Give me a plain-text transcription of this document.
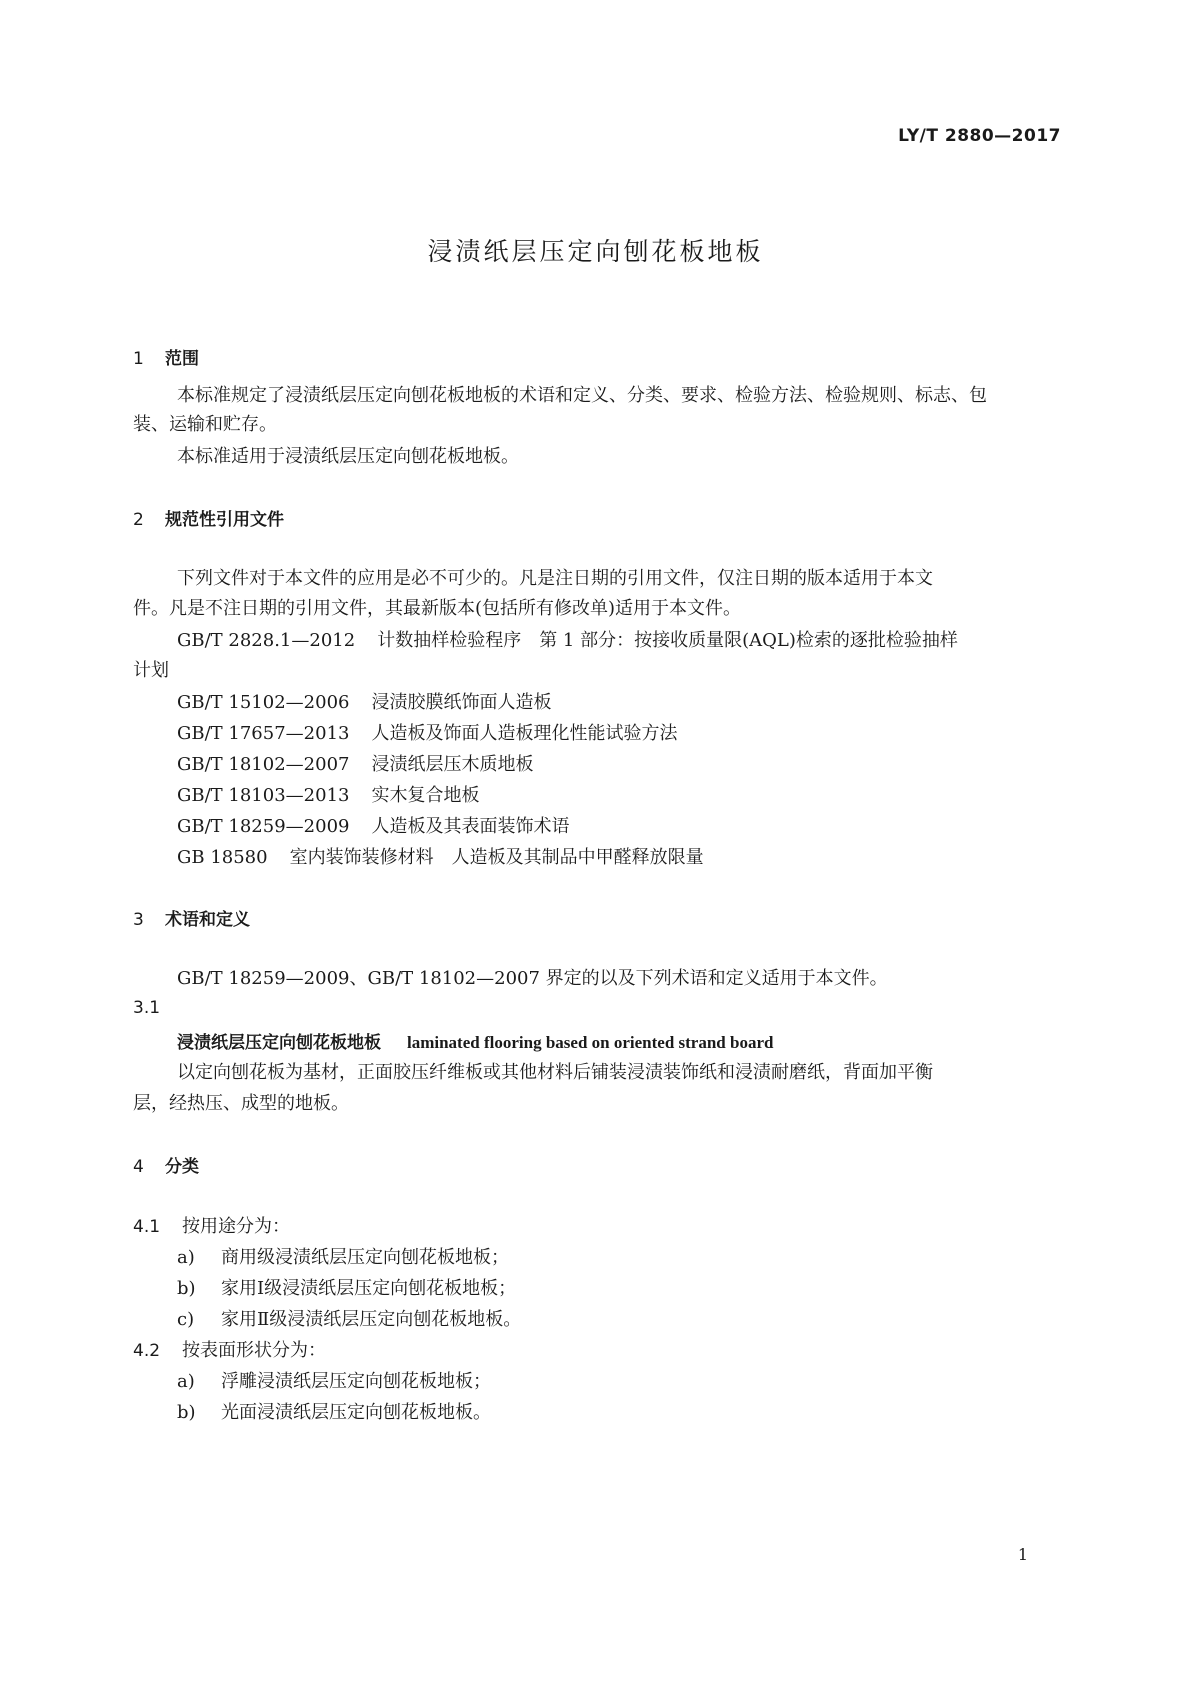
LY/T 2880—2017
浸渍纸层压定向刨花板地板
1 范围
本标准规定了浸渍纸层压定向刨花板地板的术语和定义、分类、要求、检验方法、检验规则、标志、包
装、运输和贮存。
本标准适用于浸渍纸层压定向刨花板地板。
2 规范性引用文件
下列文件对于本文件的应用是必不可少的。凡是注日期的引用文件，仅注日期的版本适用于本文
件。凡是不注日期的引用文件，其最新版本(包括所有修改单)适用于本文件。
GB/T 2828.1—2012 计数抽样检验程序　第 1 部分：按接收质量限(AQL)检索的逐批检验抽样
计划
GB/T 15102—2006 浸渍胶膜纸饰面人造板
GB/T 17657—2013 人造板及饰面人造板理化性能试验方法
GB/T 18102—2007 浸渍纸层压木质地板
GB/T 18103—2013 实木复合地板
GB/T 18259—2009 人造板及其表面装饰术语
GB 18580 室内装饰装修材料　人造板及其制品中甲醛释放限量
3 术语和定义
GB/T 18259—2009、GB/T 18102—2007 界定的以及下列术语和定义适用于本文件。
3.1
浸渍纸层压定向刨花板地板 laminated flooring based on oriented strand board
以定向刨花板为基材，正面胶压纤维板或其他材料后铺装浸渍装饰纸和浸渍耐磨纸，背面加平衡
层，经热压、成型的地板。
4 分类
4.1 按用途分为：
a) 商用级浸渍纸层压定向刨花板地板；
b) 家用Ⅰ级浸渍纸层压定向刨花板地板；
c) 家用Ⅱ级浸渍纸层压定向刨花板地板。
4.2 按表面形状分为：
a) 浮雕浸渍纸层压定向刨花板地板；
b) 光面浸渍纸层压定向刨花板地板。
1
